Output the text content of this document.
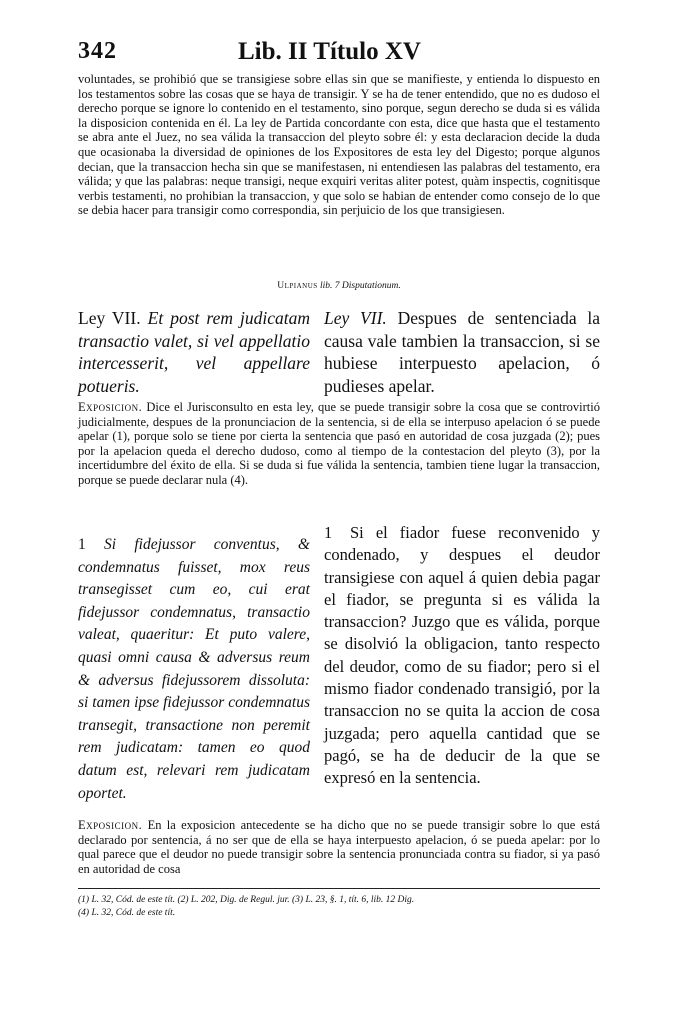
342	Lib. II Título XV

voluntades, se prohibió que se transigiese sobre ellas sin que se manifieste, y entienda lo dispuesto en los testamentos sobre las cosas que se haya de transigir. Y se ha de tener entendido, que no es dudoso el derecho porque se ignore lo contenido en el testamento, sino porque, segun derecho se duda si es válida la disposicion contenida en él. La ley de Partida concordante con esta, dice que hasta que el testamento se abra ante el Juez, no sea válida la transaccion del pleyto sobre él: y esta declaracion decide la duda que ocasionaba la diversidad de opiniones de los Expositores de esta ley del Digesto; porque algunos decian, que la transaccion hecha sin que se manifestasen, ni entendiesen las palabras del testamento, era válida; y que las palabras: neque transigi, neque exquiri veritas aliter potest, quàm inspectis, cognitisque verbis testamenti, no prohibian la transaccion, y que solo se habian de entender como consejo de lo que se debia hacer para transigir como correspondia, sin perjuicio de los que transigiesen.

Ulpianus lib. 7 Disputationum.

Ley VII. Et post rem judicatam transactio valet, si vel appellatio intercesserit, vel appellare potueris.

Ley VII. Despues de sentenciada la causa vale tambien la transaccion, si se hubiese interpuesto apelacion, ó pudieses apelar.

Exposicion. Dice el Jurisconsulto en esta ley, que se puede transigir sobre la cosa que se controvirtió judicialmente, despues de la pronunciacion de la sentencia, si de ella se interpuso apelacion ó se puede apelar (1), porque solo se tiene por cierta la sentencia que pasó en autoridad de cosa juzgada (2); pues por la apelacion queda el derecho dudoso, como al tiempo de la contestacion del pleyto (3), por la incertidumbre del éxito de ella. Si se duda si fue válida la sentencia, tambien tiene lugar la transaccion, porque se puede declarar nula (4).

1 Si fidejussor conventus, & condemnatus fuisset, mox reus transegisset cum eo, cui erat fidejussor condemnatus, transactio valeat, quaeritur: Et puto valere, quasi omni causa & adversus reum & adversus fidejussorem dissoluta: si tamen ipse fidejussor condemnatus transegit, transactione non peremit rem judicatam: tamen eo quod datum est, relevari rem judicatam oportet.

1 Si el fiador fuese reconvenido y condenado, y despues el deudor transigiese con aquel á quien debia pagar el fiador, se pregunta si es válida la transaccion? Juzgo que es válida, porque se disolvió la obligacion, tanto respecto del deudor, como de su fiador; pero si el mismo fiador condenado transigió, por la transaccion no se quita la accion de cosa juzgada; pero aquella cantidad que se pagó, se ha de deducir de la que se expresó en la sentencia.

Exposicion. En la exposicion antecedente se ha dicho que no se puede transigir sobre lo que está declarado por sentencia, á no ser que de ella se haya interpuesto apelacion, ó se pueda apelar: por lo qual parece que el deudor no puede transigir sobre la sentencia pronunciada contra su fiador, si ya pasó en autoridad de cosa

(1) L. 32, Cód. de este tít. (2) L. 202, Dig. de Regul. jur. (3) L. 23, §. 1, tít. 6, lib. 12 Dig.
(4) L. 32, Cód. de este tít.
